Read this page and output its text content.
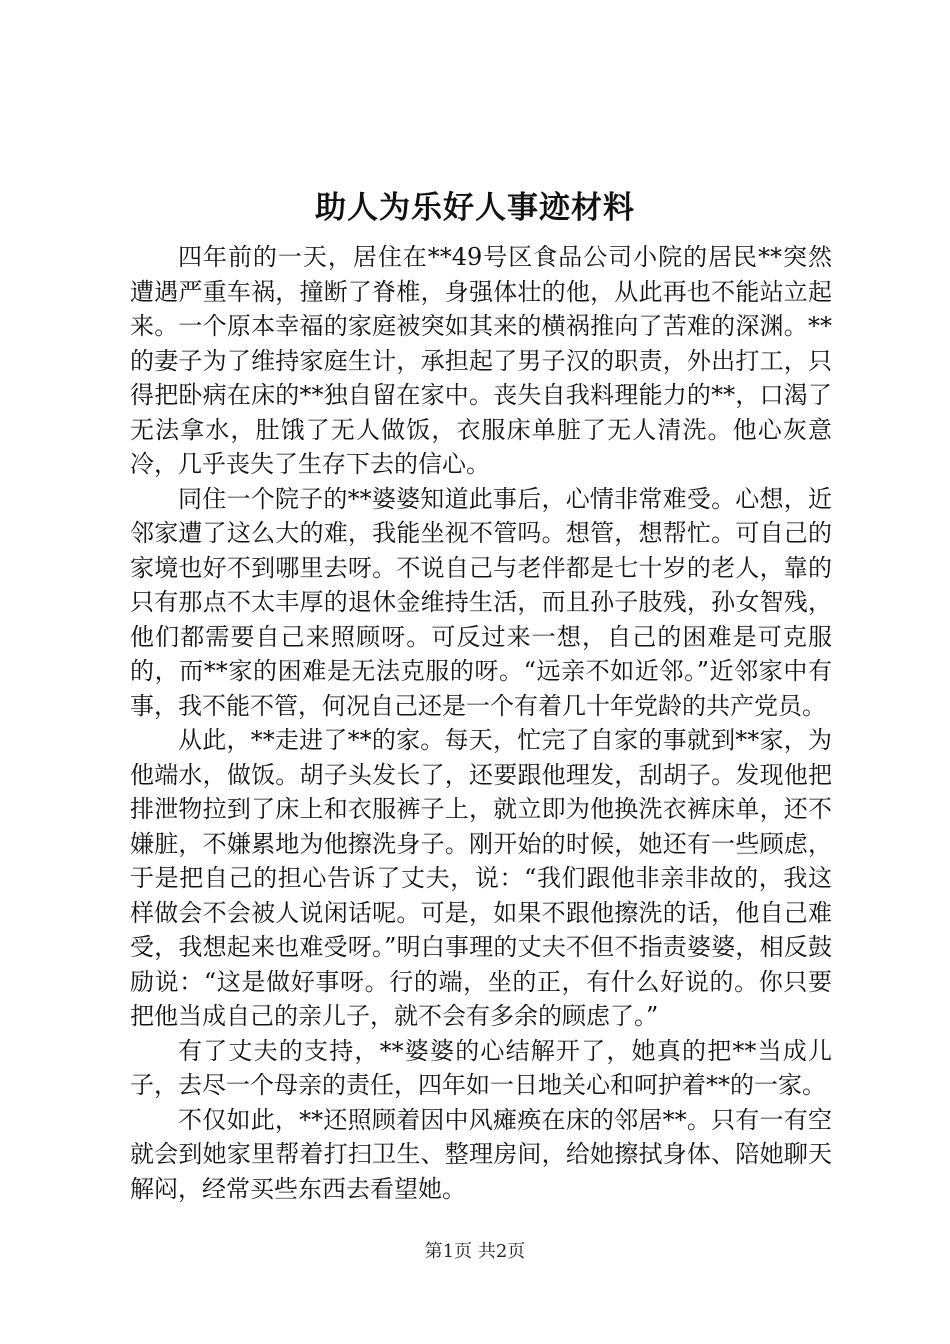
助人为乐好人事迹材料

四年前的一天，居住在**49号区食品公司小院的居民**突然遭遇严重车祸，撞断了脊椎，身强体壮的他，从此再也不能站立起来。一个原本幸福的家庭被突如其来的横祸推向了苦难的深渊。**的妻子为了维持家庭生计，承担起了男子汉的职责，外出打工，只得把卧病在床的**独自留在家中。丧失自我料理能力的**，口渴了无法拿水，肚饿了无人做饭，衣服床单脏了无人清洗。他心灰意冷，几乎丧失了生存下去的信心。

同住一个院子的**婆婆知道此事后，心情非常难受。心想，近邻家遭了这么大的难，我能坐视不管吗。想管，想帮忙。可自己的家境也好不到哪里去呀。不说自己与老伴都是七十岁的老人，靠的只有那点不太丰厚的退休金维持生活，而且孙子肢残，孙女智残，他们都需要自己来照顾呀。可反过来一想，自己的困难是可克服的，而**家的困难是无法克服的呀。“远亲不如近邻。”近邻家中有事，我不能不管，何况自己还是一个有着几十年党龄的共产党员。

从此，**走进了**的家。每天，忙完了自家的事就到**家，为他端水，做饭。胡子头发长了，还要跟他理发，刮胡子。发现他把排泄物拉到了床上和衣服裤子上，就立即为他换洗衣裤床单，还不嫌脏，不嫌累地为他擦洗身子。刚开始的时候，她还有一些顾虑，于是把自己的担心告诉了丈夫，说：“我们跟他非亲非故的，我这样做会不会被人说闲话呢。可是，如果不跟他擦洗的话，他自己难受，我想起来也难受呀。”明白事理的丈夫不但不指责婆婆，相反鼓励说：“这是做好事呀。行的端，坐的正，有什么好说的。你只要把他当成自己的亲儿子，就不会有多余的顾虑了。”

有了丈夫的支持，**婆婆的心结解开了，她真的把**当成儿子，去尽一个母亲的责任，四年如一日地关心和呵护着**的一家。

不仅如此，**还照顾着因中风瘫痪在床的邻居**。只有一有空就会到她家里帮着打扫卫生、整理房间，给她擦拭身体、陪她聊天解闷，经常买些东西去看望她。

第1页 共2页
